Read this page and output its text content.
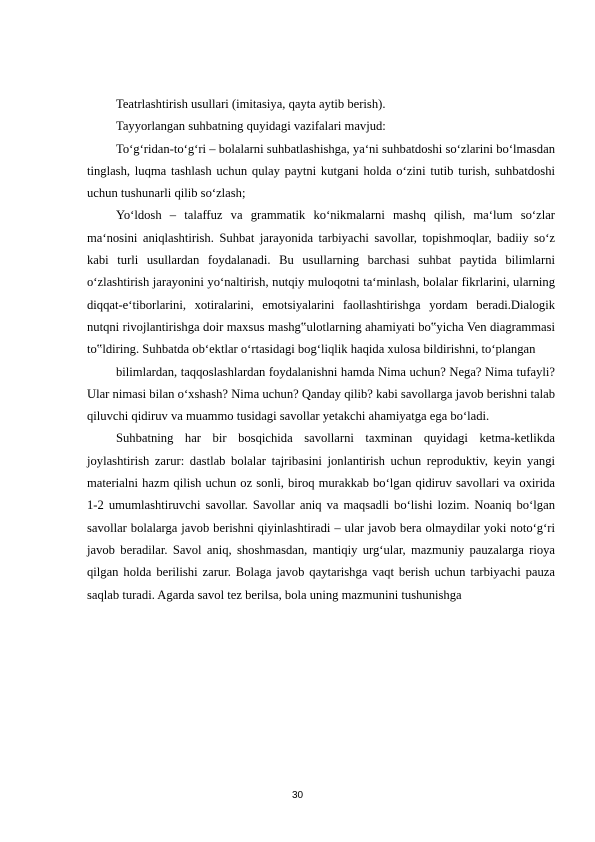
Teatrlashtirish usullari (imitasiya, qayta aytib berish).

Tayyorlangan suhbatning quyidagi vazifalari mavjud:

To‘g‘ridan-to‘g‘ri – bolalarni suhbatlashishga, ya‘ni suhbatdoshi so‘zlarini bo‘lmasdan tinglash, luqma tashlash uchun qulay paytni kutgani holda o‘zini tutib turish, suhbatdoshi uchun tushunarli qilib so‘zlash;

Yo‘ldosh – talaffuz va grammatik ko‘nikmalarni mashq qilish, ma‘lum so‘zlar ma‘nosini aniqlashtirish. Suhbat jarayonida tarbiyachi savollar, topishmoqlar, badiiy so‘z kabi turli usullardan foydalanadi. Bu usullarning barchasi suhbat paytida bilimlarni o‘zlashtirish jarayonini yo‘naltirish, nutqiy muloqotni ta‘minlash, bolalar fikrlarini, ularning diqqat-e‘tiborlarini, xotiralarini, emotsiyalarini faollashtirishga yordam beradi.Dialogik nutqni rivojlantirishga doir maxsus mashg‟ulotlarning ahamiyati bo‟yicha Ven diagrammasi to‟ldiring. Suhbatda ob‘ektlar o‘rtasidagi bog‘liqlik haqida xulosa bildirishni, to‘plangan

bilimlardan, taqqoslashlardan foydalanishni hamda Nima uchun? Nega? Nima tufayli? Ular nimasi bilan o‘xshash? Nima uchun? Qanday qilib? kabi savollarga javob berishni talab qiluvchi qidiruv va muammo tusidagi savollar yetakchi ahamiyatga ega bo‘ladi.

Suhbatning har bir bosqichida savollarni taxminan quyidagi ketma-ketlikda joylashtirish zarur: dastlab bolalar tajribasini jonlantirish uchun reproduktiv, keyin yangi materialni hazm qilish uchun oz sonli, biroq murakkab bo‘lgan qidiruv savollari va oxirida 1-2 umumlashtiruvchi savollar. Savollar aniq va maqsadli bo‘lishi lozim. Noaniq bo‘lgan savollar bolalarga javob berishni qiyinlashtiradi – ular javob bera olmaydilar yoki noto‘g‘ri javob beradilar. Savol aniq, shoshmasdan, mantiqiy urg‘ular, mazmuniy pauzalarga rioya qilgan holda berilishi zarur. Bolaga javob qaytarishga vaqt berish uchun tarbiyachi pauza saqlab turadi. Agarda savol tez berilsa, bola uning mazmunini tushunishga

30
